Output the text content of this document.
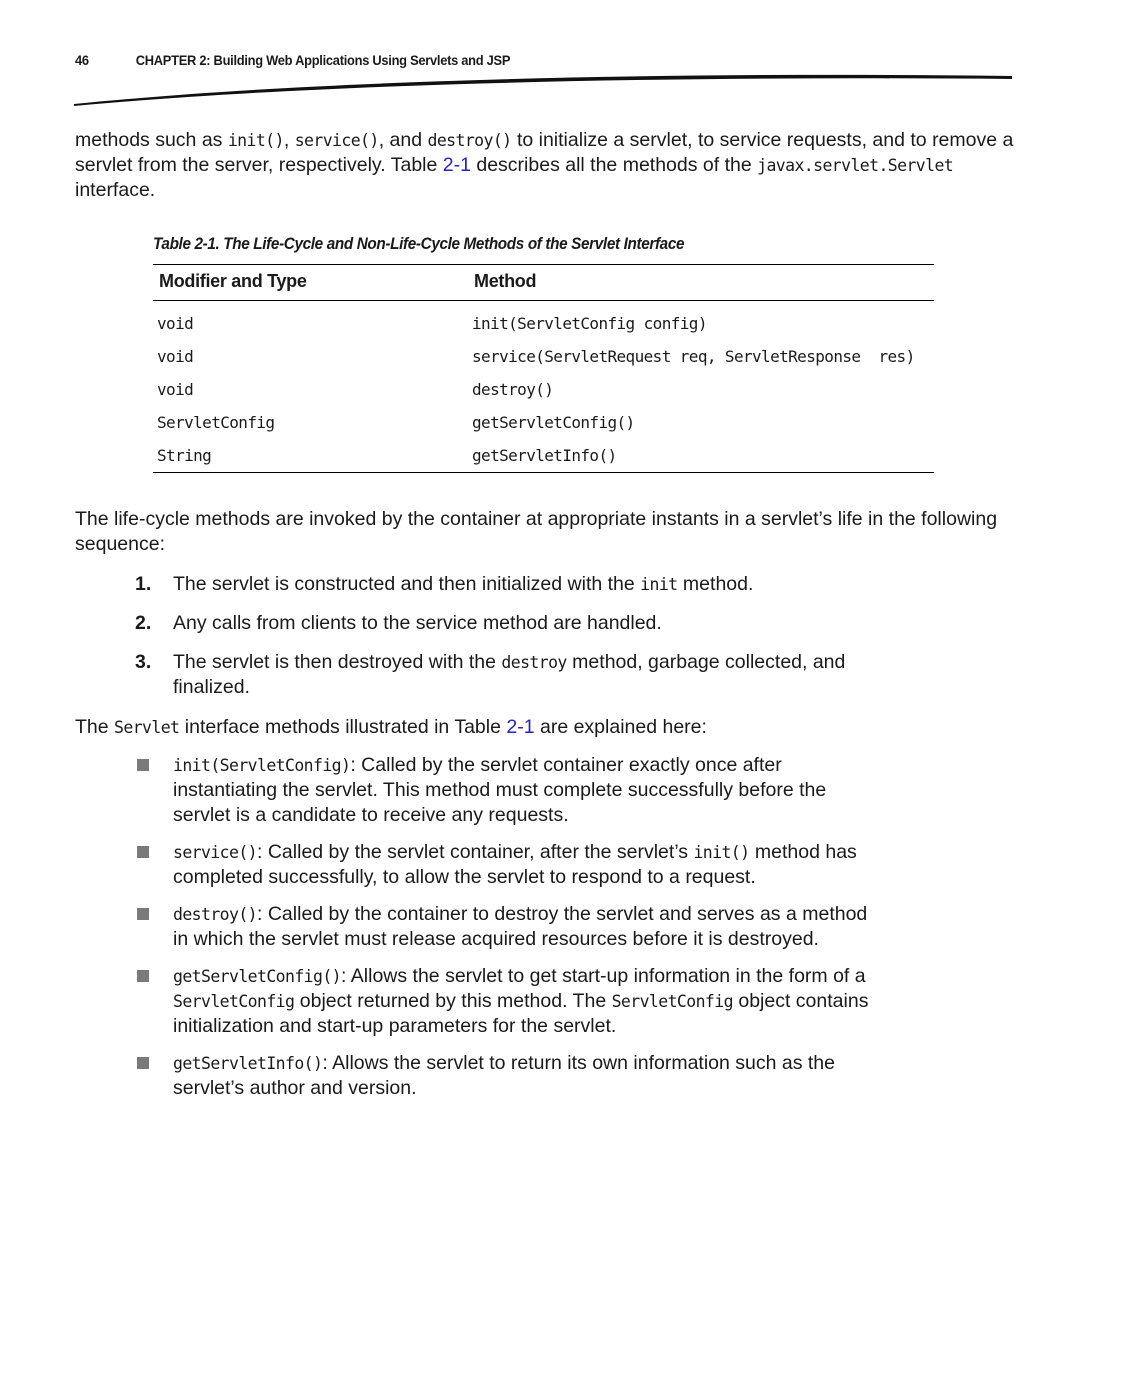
46	CHAPTER 2: Building Web Applications Using Servlets and JSP

methods such as init(), service(), and destroy() to initialize a servlet, to service requests, and to remove a servlet from the server, respectively. Table 2-1 describes all the methods of the javax.servlet.Servlet interface.

Table 2-1. The Life-Cycle and Non-Life-Cycle Methods of the Servlet Interface
Modifier and Type	Method
void	init(ServletConfig config)
void	service(ServletRequest req, ServletResponse  res)
void	destroy()
ServletConfig	getServletConfig()
String	getServletInfo()

The life-cycle methods are invoked by the container at appropriate instants in a servlet’s life in the following sequence:

1. The servlet is constructed and then initialized with the init method.
2. Any calls from clients to the service method are handled.
3. The servlet is then destroyed with the destroy method, garbage collected, and finalized.

The Servlet interface methods illustrated in Table 2-1 are explained here:

init(ServletConfig): Called by the servlet container exactly once after instantiating the servlet. This method must complete successfully before the servlet is a candidate to receive any requests.
service(): Called by the servlet container, after the servlet’s init() method has completed successfully, to allow the servlet to respond to a request.
destroy(): Called by the container to destroy the servlet and serves as a method in which the servlet must release acquired resources before it is destroyed.
getServletConfig(): Allows the servlet to get start-up information in the form of a ServletConfig object returned by this method. The ServletConfig object contains initialization and start-up parameters for the servlet.
getServletInfo(): Allows the servlet to return its own information such as the servlet’s author and version.
